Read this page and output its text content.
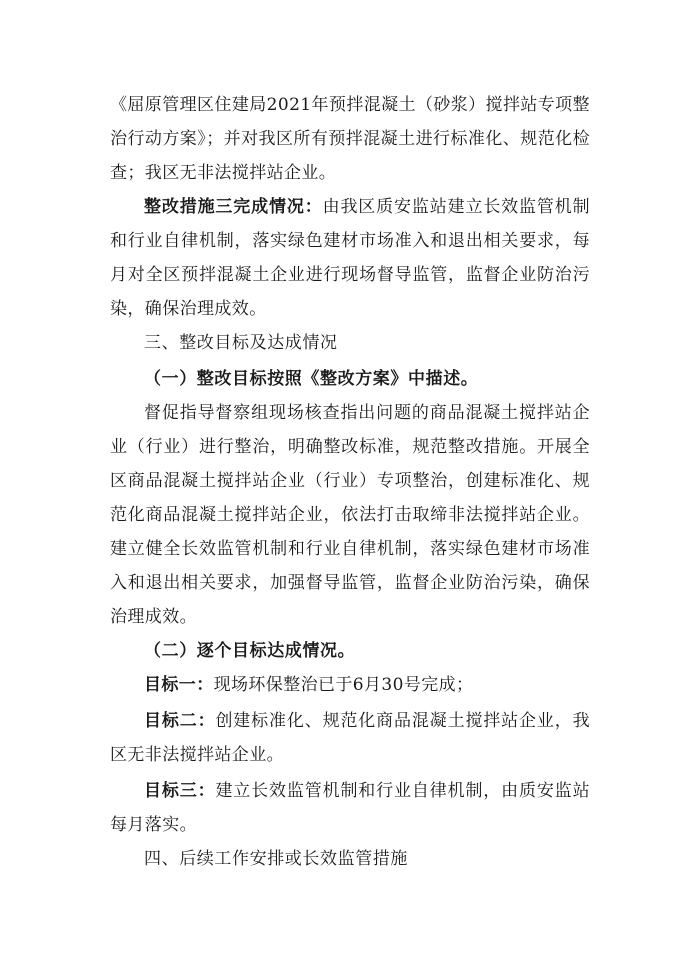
《屈原管理区住建局2021年预拌混凝土（砂浆）搅拌站专项整治行动方案》；并对我区所有预拌混凝土进行标准化、规范化检查；我区无非法搅拌站企业。

整改措施三完成情况：由我区质安监站建立长效监管机制和行业自律机制，落实绿色建材市场准入和退出相关要求，每月对全区预拌混凝土企业进行现场督导监管，监督企业防治污染，确保治理成效。

三、整改目标及达成情况

（一）整改目标按照《整改方案》中描述。

督促指导督察组现场核查指出问题的商品混凝土搅拌站企业（行业）进行整治，明确整改标准，规范整改措施。开展全区商品混凝土搅拌站企业（行业）专项整治，创建标准化、规范化商品混凝土搅拌站企业，依法打击取缔非法搅拌站企业。建立健全长效监管机制和行业自律机制，落实绿色建材市场准入和退出相关要求，加强督导监管，监督企业防治污染，确保治理成效。

（二）逐个目标达成情况。

目标一：现场环保整治已于6月30号完成；

目标二：创建标准化、规范化商品混凝土搅拌站企业，我区无非法搅拌站企业。

目标三：建立长效监管机制和行业自律机制，由质安监站每月落实。

四、后续工作安排或长效监管措施
